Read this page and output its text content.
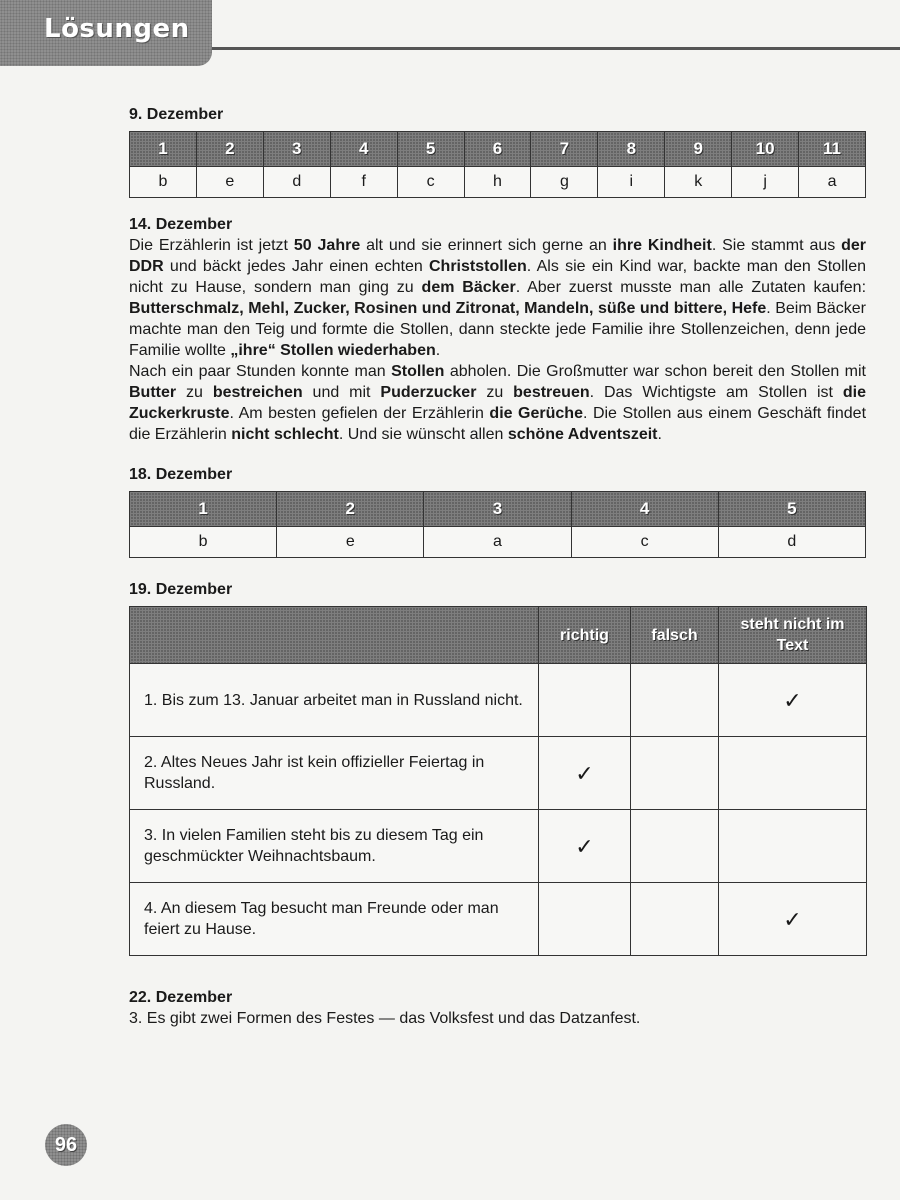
Lösungen
9. Dezember
1	2	3	4	5	6	7	8	9	10	11
b	e	d	f	c	h	g	i	k	j	a
14. Dezember

Die Erzählerin ist jetzt 50 Jahre alt und sie erinnert sich gerne an ihre Kindheit. Sie stammt aus der DDR und bäckt jedes Jahr einen echten Christstollen. Als sie ein Kind war, backte man den Stollen nicht zu Hause, sondern man ging zu dem Bäcker. Aber zuerst musste man alle Zutaten kaufen: Butterschmalz, Mehl, Zucker, Rosinen und Zitronat, Mandeln, süße und bittere, Hefe. Beim Bäcker machte man den Teig und formte die Stollen, dann steckte jede Familie ihre Stollenzeichen, denn jede Familie wollte „ihre“ Stollen wiederhaben.

Nach ein paar Stunden konnte man Stollen abholen. Die Großmutter war schon bereit den Stollen mit Butter zu bestreichen und mit Puderzucker zu bestreuen. Das Wichtigste am Stollen ist die Zuckerkruste. Am besten gefielen der Erzählerin die Gerüche. Die Stollen aus einem Geschäft findet die Erzählerin nicht schlecht. Und sie wünscht allen schöne Adventszeit.

18. Dezember
1	2	3	4	5
b	e	a	c	d
19. Dezember
	richtig	falsch	steht nicht im Text
1. Bis zum 13. Januar arbeitet man in Russland nicht.			✓
2. Altes Neues Jahr ist kein offizieller Feiertag in Russland.	✓		
3. In vielen Familien steht bis zu diesem Tag ein geschmückter Weihnachtsbaum.	✓		
4. An diesem Tag besucht man Freunde oder man feiert zu Hause.			✓
22. Dezember

3. Es gibt zwei Formen des Festes — das Volksfest und das Datzanfest.

96
